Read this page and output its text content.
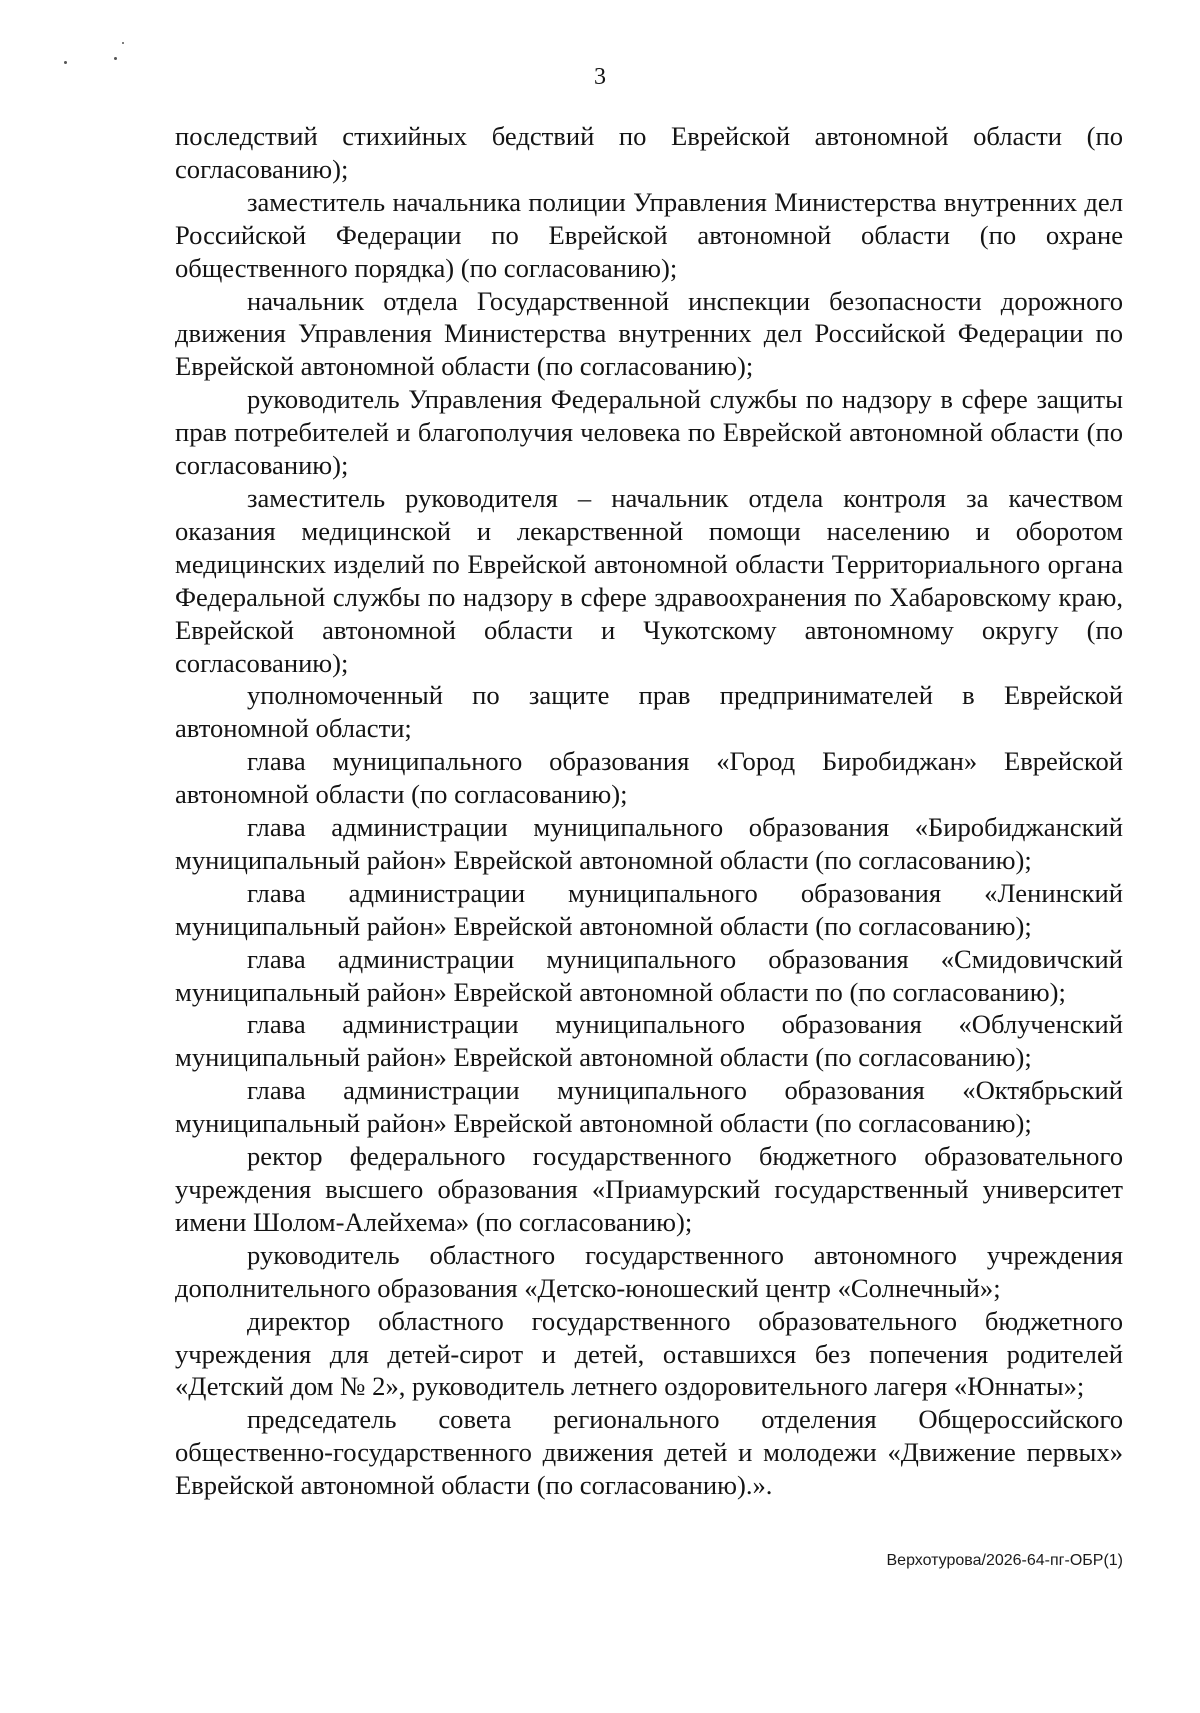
3

последствий стихийных бедствий по Еврейской автономной области (по согласованию);

заместитель начальника полиции Управления Министерства внутренних дел Российской Федерации по Еврейской автономной области (по охране общественного порядка) (по согласованию);

начальник отдела Государственной инспекции безопасности дорожного движения Управления Министерства внутренних дел Российской Федерации по Еврейской автономной области (по согласованию);

руководитель Управления Федеральной службы по надзору в сфере защиты прав потребителей и благополучия человека по Еврейской автономной области (по согласованию);

заместитель руководителя – начальник отдела контроля за качеством оказания медицинской и лекарственной помощи населению и оборотом медицинских изделий по Еврейской автономной области Территориального органа Федеральной службы по надзору в сфере здравоохранения по Хабаровскому краю, Еврейской автономной области и Чукотскому автономному округу (по согласованию);

уполномоченный по защите прав предпринимателей в Еврейской автономной области;

глава муниципального образования «Город Биробиджан» Еврейской автономной области (по согласованию);

глава администрации муниципального образования «Биробиджанский муниципальный район» Еврейской автономной области (по согласованию);

глава администрации муниципального образования «Ленинский муниципальный район» Еврейской автономной области (по согласованию);

глава администрации муниципального образования «Смидовичский муниципальный район» Еврейской автономной области по (по согласованию);

глава администрации муниципального образования «Облученский муниципальный район» Еврейской автономной области (по согласованию);

глава администрации муниципального образования «Октябрьский муниципальный район» Еврейской автономной области (по согласованию);

ректор федерального государственного бюджетного образовательного учреждения высшего образования «Приамурский государственный университет имени Шолом-Алейхема» (по согласованию);

руководитель областного государственного автономного учреждения дополнительного образования «Детско-юношеский центр «Солнечный»;

директор областного государственного образовательного бюджетного учреждения для детей-сирот и детей, оставшихся без попечения родителей «Детский дом № 2», руководитель летнего оздоровительного лагеря «Юннаты»;

председатель совета регионального отделения Общероссийского общественно-государственного движения детей и молодежи «Движение первых» Еврейской автономной области (по согласованию).».

Верхотурова/2026-64-пг-ОБР(1)
